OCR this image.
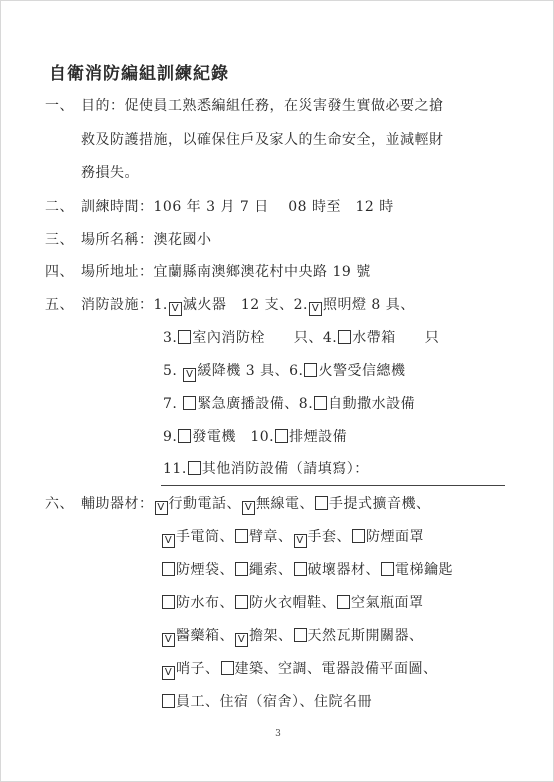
自衛消防編組訓練紀錄
一、 目的：促使員工熟悉編組任務，在災害發生實做必要之搶
救及防護措施，以確保住戶及家人的生命安全，並減輕財
務損失。
二、 訓練時間：106 年 3 月 7 日　 08 時至　12 時
三、 場所名稱：澳花國小
四、 場所地址：宜蘭縣南澳鄉澳花村中央路 19 號
五、 消防設施：1. V 滅火器　12 支、2. V 照明燈 8 具、
3. 室內消防栓　　只、4. 水帶箱　　只
5. V 緩降機 3 具、6. 火警受信總機
7. 緊急廣播設備、8. 自動撒水設備
9. 發電機　10. 排煙設備
11. 其他消防設備（請填寫）：
六、 輔助器材： V 行動電話、 V 無線電、 手提式擴音機、
V 手電筒、 臂章、 V 手套、 防煙面罩
防煙袋、 繩索、 破壞器材、 電梯鑰匙
防水布、 防火衣帽鞋、 空氣瓶面罩
V 醫藥箱、 V 擔架、 天然瓦斯開關器、
V 哨子、 建築、空調、電器設備平面圖、
員工、住宿（宿舍）、住院名冊
3
